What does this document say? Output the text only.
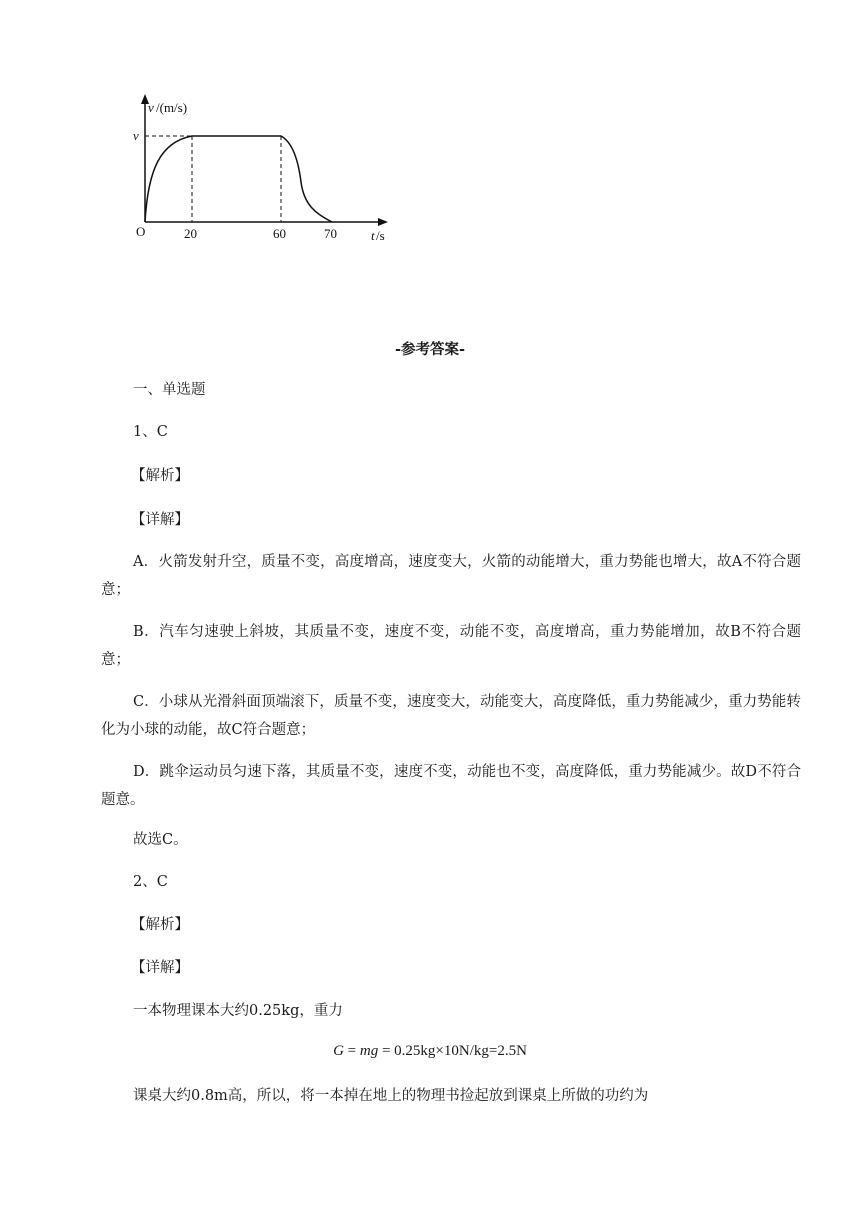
v /(m/s)
v
O	20	60	70	t /s
-参考答案-
一、单选题
1、C
【解析】
【详解】
A．火箭发射升空，质量不变，高度增高，速度变大，火箭的动能增大，重力势能也增大，故A不符合题意；
B．汽车匀速驶上斜坡，其质量不变，速度不变，动能不变，高度增高，重力势能增加，故B不符合题意；
C．小球从光滑斜面顶端滚下，质量不变，速度变大，动能变大，高度降低，重力势能减少，重力势能转化为小球的动能，故C符合题意；
D．跳伞运动员匀速下落，其质量不变，速度不变，动能也不变，高度降低，重力势能减少。故D不符合题意。
故选C。
2、C
【解析】
【详解】
一本物理课本大约0.25kg，重力
G = mg = 0.25kg×10N/kg=2.5N
课桌大约0.8m高，所以，将一本掉在地上的物理书捡起放到课桌上所做的功约为
